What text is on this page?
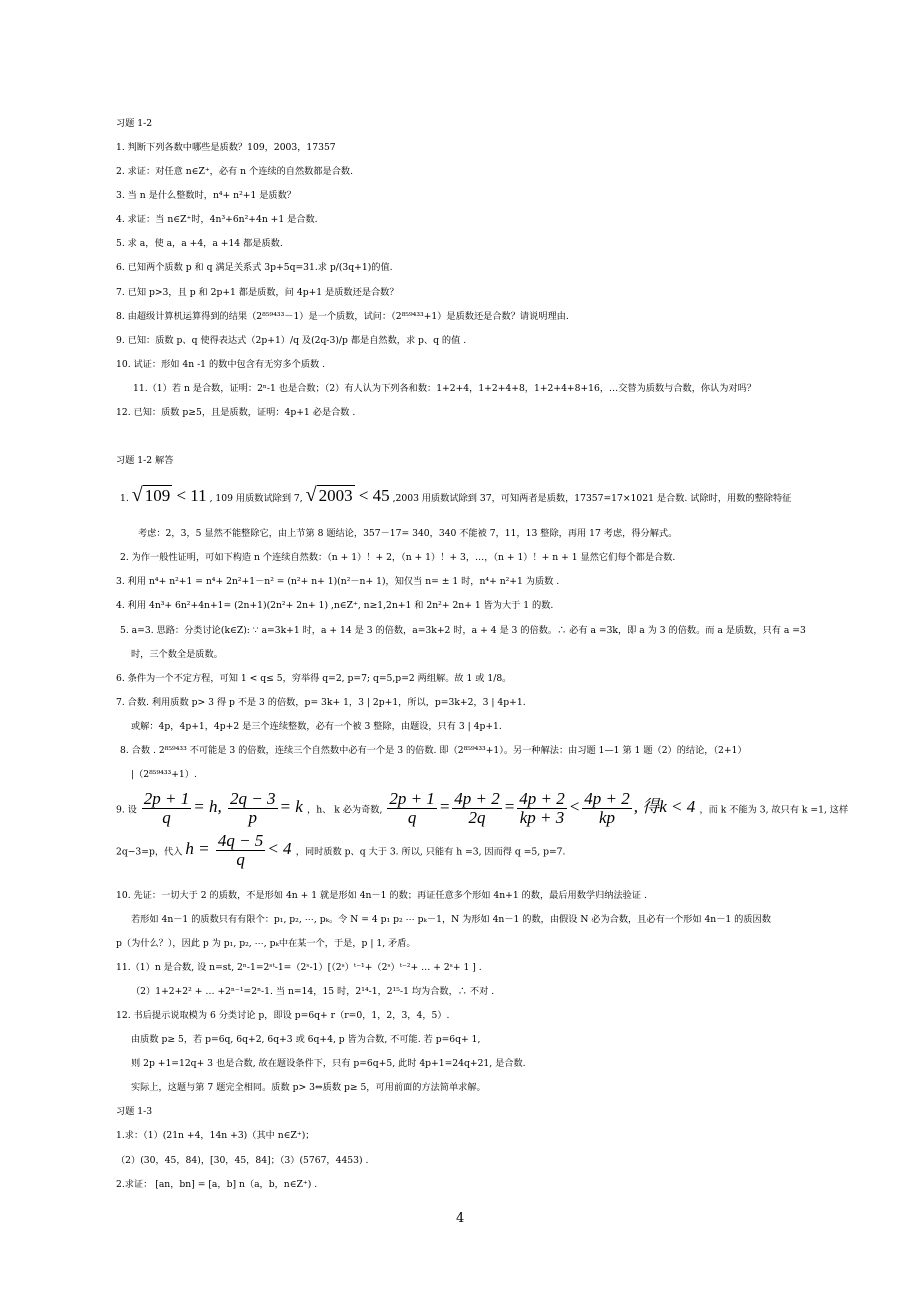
习题 1-2
1. 判断下列各数中哪些是质数？109，2003，17357
2. 求证：对任意 n∈Z⁺，必有 n 个连续的自然数都是合数.
3. 当 n 是什么整数时，n⁴+ n²+1 是质数？
4. 求证：当 n∈Z⁺时，4n³+6n²+4n +1 是合数.
5. 求 a，使 a，a +4，a +14 都是质数.
6. 已知两个质数 p 和 q 满足关系式 3p+5q=31.求 p/(3q+1)的值.
7. 已知 p>3，且 p 和 2p+1 都是质数，问 4p+1 是质数还是合数？
8. 由超级计算机运算得到的结果（2⁸⁵⁹⁴³³－1）是一个质数，试问：（2⁸⁵⁹⁴³³+1）是质数还是合数？请说明理由.
9. 已知：质数 p、q 使得表达式（2p+1）/q 及(2q-3)/p 都是自然数，求 p、q 的值 .
10. 试证：形如 4n -1 的数中包含有无穷多个质数 .
11.（1）若 n 是合数，证明：2ⁿ-1 也是合数；（2）有人认为下列各和数：1+2+4，1+2+4+8，1+2+4+8+16，…交替为质数与合数，你认为对吗？
12. 已知：质数 p≥5，且是质数，证明：4p+1 必是合数 .
习题 1-2 解答
1. √ 109 < 11 , 109 用质数试除到 7, √ 2003 < 45 ,2003 用质数试除到 37，可知两者是质数，17357=17×1021 是合数. 试除时，用数的整除特征
考虑：2，3，5 显然不能整除它，由上节第 8 题结论，357－17= 340，340 不能被 7，11，13 整除，再用 17 考虑，得分解式。
2. 为作一般性证明，可如下构造 n 个连续自然数：（n + 1）！+ 2，（n + 1）！+ 3，…，（n + 1）！+ n + 1 显然它们每个都是合数.
3. 利用 n⁴+ n²+1 = n⁴+ 2n²+1－n² = (n²+ n+ 1)(n²－n+ 1)，知仅当 n= ± 1 时，n⁴+ n²+1 为质数 .
4. 利用 4n³+ 6n²+4n+1= (2n+1)(2n²+ 2n+ 1) ,n∈Z⁺, n≥1,2n+1 和 2n²+ 2n+ 1 皆为大于 1 的数.
5. a=3. 思路：分类讨论(k∈Z): ∵ a=3k+1 时，a + 14 是 3 的倍数，a=3k+2 时，a + 4 是 3 的倍数。∴ 必有 a =3k，即 a 为 3 的倍数。而 a 是质数，只有 a =3
时，三个数全是质数。
6. 条件为一个不定方程，可知 1 < q≤ 5，穷举得 q=2, p=7; q=5,p=2 两组解。故 1 或 1/8。
7. 合数. 利用质数 p> 3 得 p 不是 3 的倍数，p= 3k+ 1，3 | 2p+1，所以，p=3k+2，3 | 4p+1.
或解：4p，4p+1，4p+2 是三个连续整数，必有一个被 3 整除，由题设，只有 3 | 4p+1.
8. 合数 . 2⁸⁵⁹⁴³³ 不可能是 3 的倍数，连续三个自然数中必有一个是 3 的倍数. 即（2⁸⁵⁹⁴³³+1）。另一种解法：由习题 1—1 第 1 题（2）的结论，（2+1）
|（2⁸⁵⁹⁴³³+1）.
9. 设 $\frac{2p + 1}{q} = h$, $\frac{2q - 3}{p} = k$ ，h、 k 必为奇数, $\frac{2p + 1}{q} = \frac{4p + 2}{2q} = \frac{4p + 2}{kp + 3} < \frac{4p + 2}{kp}$ , 得k < 4 ，而 k 不能为 3, 故只有 k =1, 这样
2q−3=p，代入 $h = \frac{4q - 5}{q} < 4$ ，同时质数 p、q 大于 3. 所以, 只能有 h =3, 因而得 q =5, p=7.
10. 先证：一切大于 2 的质数，不是形如 4n + 1 就是形如 4n－1 的数；再证任意多个形如 4n+1 的数，最后用数学归纳法验证 .
若形如 4n－1 的质数只有有限个：p₁, p₂, ⋯, pₖ。令 N = 4 p₁ p₂ ⋯ pₖ－1，N 为形如 4n－1 的数，由假设 N 必为合数，且必有一个形如 4n－1 的质因数
p（为什么？），因此 p 为 p₁, p₂, ⋯, pₖ中在某一个，于是，p | 1, 矛盾。
11.（1）n 是合数, 设 n=st, 2ⁿ-1=2ˢᵗ-1=（2ˢ-1）[（2ˢ）ᵗ⁻¹+（2ˢ）ᵗ⁻²+ … + 2ˢ+ 1 ] .
（2）1+2+2² + … +2ⁿ⁻¹=2ⁿ-1. 当 n=14，15 时，2¹⁴-1，2¹⁵-1 均为合数，∴ 不对 .
12. 书后提示说取模为 6 分类讨论 p，即设 p=6q+ r（r=0，1，2，3，4，5）.
由质数 p≥ 5，若 p=6q, 6q+2, 6q+3 或 6q+4, p 皆为合数, 不可能. 若 p=6q+ 1,
则 2p +1=12q+ 3 也是合数, 故在题设条件下，只有 p=6q+5, 此时 4p+1=24q+21, 是合数.
实际上，这题与第 7 题完全相同。质数 p> 3⇔质数 p≥ 5，可用前面的方法简单求解。
习题 1-3
1.求：（1）(21n +4，14n +3)（其中 n∈Z⁺)；
（2）(30，45，84)，[30，45，84]；（3）(5767，4453) .
2.求证： [an，bn] = [a，b] n（a，b，n∈Z⁺) .
4
